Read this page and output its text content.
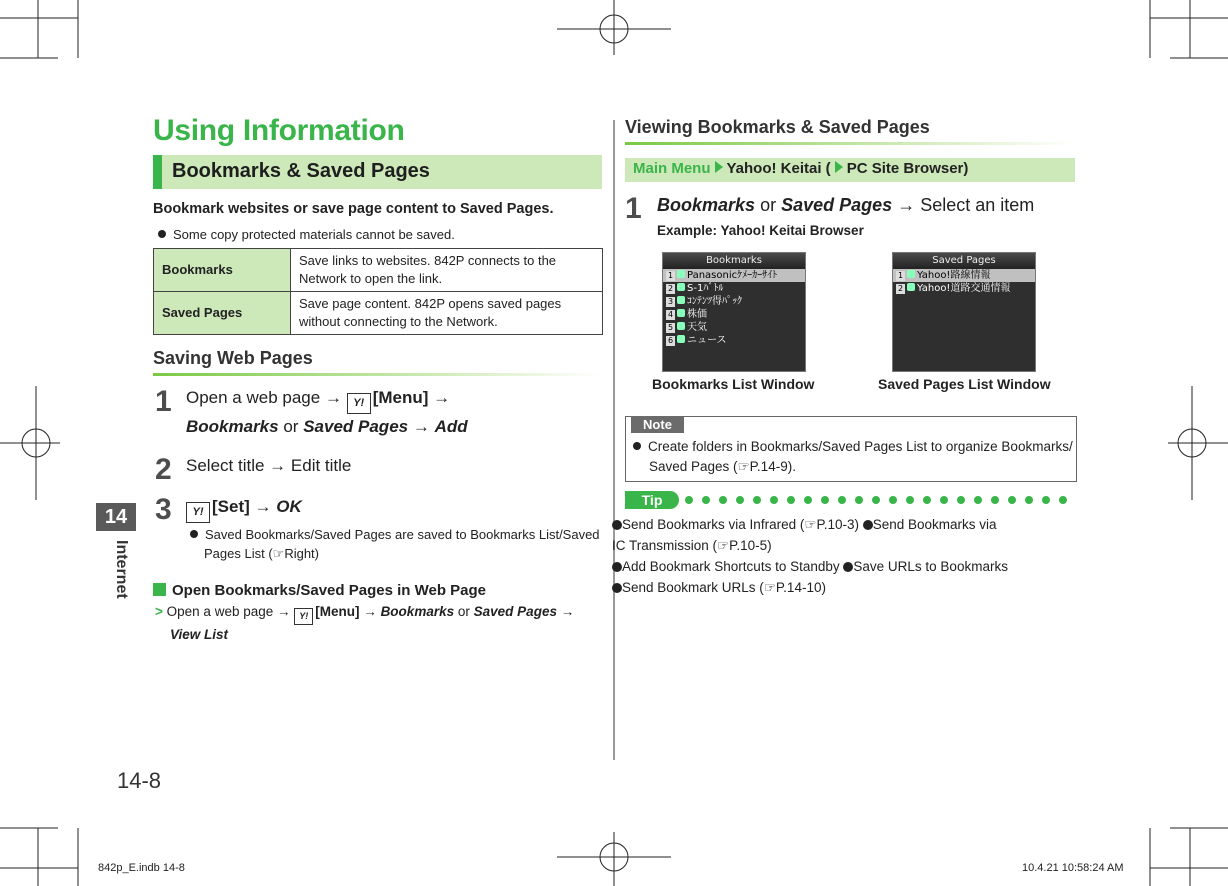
Using Information
Bookmarks & Saved Pages
Bookmark websites or save page content to Saved Pages.
Some copy protected materials cannot be saved.
Bookmarks	Save links to websites. 842P connects to the
Network to open the link.
Saved Pages	Save page content. 842P opens saved pages
without connecting to the Network.
Saving Web Pages
1 Open a web page → Y! [Menu] →
Bookmarks or Saved Pages → Add
2 Select title → Edit title
3	Y! [Set] → OK
Saved Bookmarks/Saved Pages are saved to Bookmarks List/Saved
Pages List (☞Right)
Open Bookmarks/Saved Pages in Web Page
> Open a web page → Y! [Menu] → Bookmarks or Saved Pages →
View List
14
Internet
14-8
Viewing Bookmarks & Saved Pages
Main Menu Yahoo! Keitai ( PC Site Browser)
1 Bookmarks or Saved Pages → Select an item
Example: Yahoo! Keitai Browser
Bookmarks
1 Panasonicｹﾒｰｶｰｻｲﾄ
2 S-1ﾊﾞﾄﾙ
3 ｺﾝﾃﾝﾂ得ﾊﾟｯｸ
4 株価
5 天気
6 ニュース
Bookmarks List Window
Saved Pages
1 Yahoo!路線情報
2 Yahoo!道路交通情報
Saved Pages List Window
Note
Create folders in Bookmarks/Saved Pages List to organize Bookmarks/
Saved Pages (☞P.14-9).
Tip
Send Bookmarks via Infrared (☞P.10-3) Send Bookmarks via
IC Transmission (☞P.10-5)
Add Bookmark Shortcuts to Standby Save URLs to Bookmarks
Send Bookmark URLs (☞P.14-10)
842p_E.indb 14-8	10.4.21 10:58:24 AM
